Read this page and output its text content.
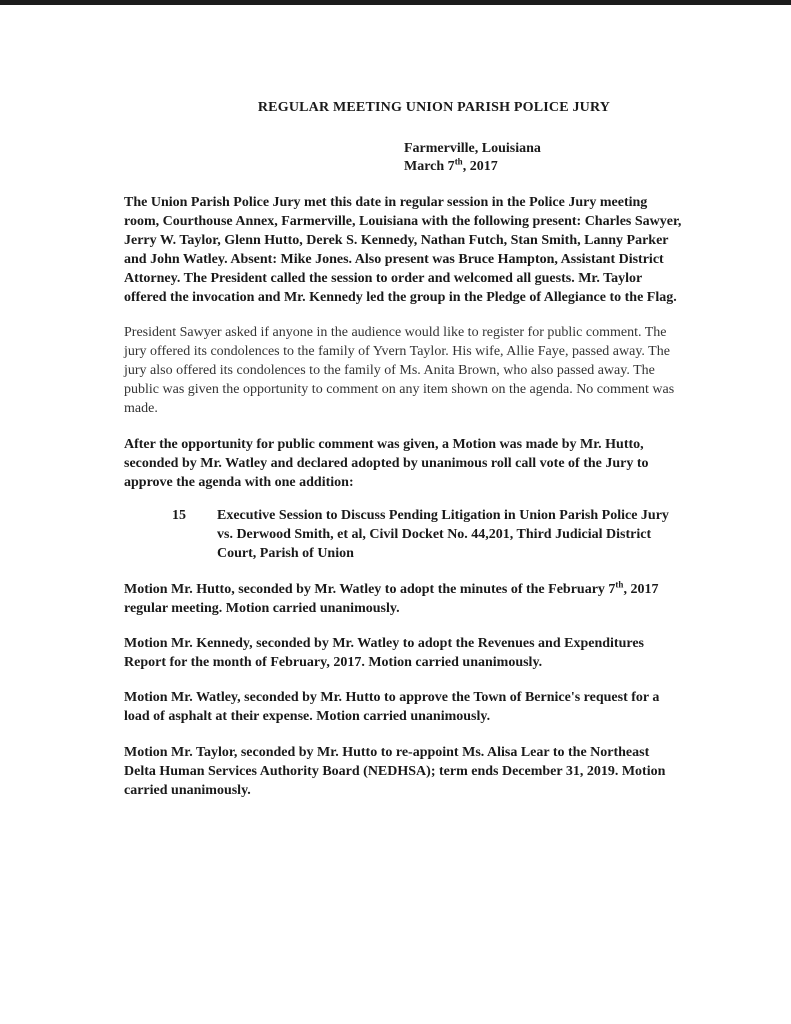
REGULAR MEETING UNION PARISH POLICE JURY
Farmerville, Louisiana
March 7th, 2017

The Union Parish Police Jury met this date in regular session in the Police Jury meeting room, Courthouse Annex, Farmerville, Louisiana with the following present: Charles Sawyer, Jerry W. Taylor, Glenn Hutto, Derek S. Kennedy, Nathan Futch, Stan Smith, Lanny Parker and John Watley. Absent: Mike Jones. Also present was Bruce Hampton, Assistant District Attorney. The President called the session to order and welcomed all guests. Mr. Taylor offered the invocation and Mr. Kennedy led the group in the Pledge of Allegiance to the Flag.

President Sawyer asked if anyone in the audience would like to register for public comment. The jury offered its condolences to the family of Yvern Taylor. His wife, Allie Faye, passed away. The jury also offered its condolences to the family of Ms. Anita Brown, who also passed away. The public was given the opportunity to comment on any item shown on the agenda. No comment was made.

After the opportunity for public comment was given, a Motion was made by Mr. Hutto, seconded by Mr. Watley and declared adopted by unanimous roll call vote of the Jury to approve the agenda with one addition:

15	Executive Session to Discuss Pending Litigation in Union Parish Police Jury vs. Derwood Smith, et al, Civil Docket No. 44,201, Third Judicial District Court, Parish of Union

Motion Mr. Hutto, seconded by Mr. Watley to adopt the minutes of the February 7th, 2017 regular meeting. Motion carried unanimously.

Motion Mr. Kennedy, seconded by Mr. Watley to adopt the Revenues and Expenditures Report for the month of February, 2017. Motion carried unanimously.

Motion Mr. Watley, seconded by Mr. Hutto to approve the Town of Bernice's request for a load of asphalt at their expense. Motion carried unanimously.

Motion Mr. Taylor, seconded by Mr. Hutto to re-appoint Ms. Alisa Lear to the Northeast Delta Human Services Authority Board (NEDHSA); term ends December 31, 2019. Motion carried unanimously.
